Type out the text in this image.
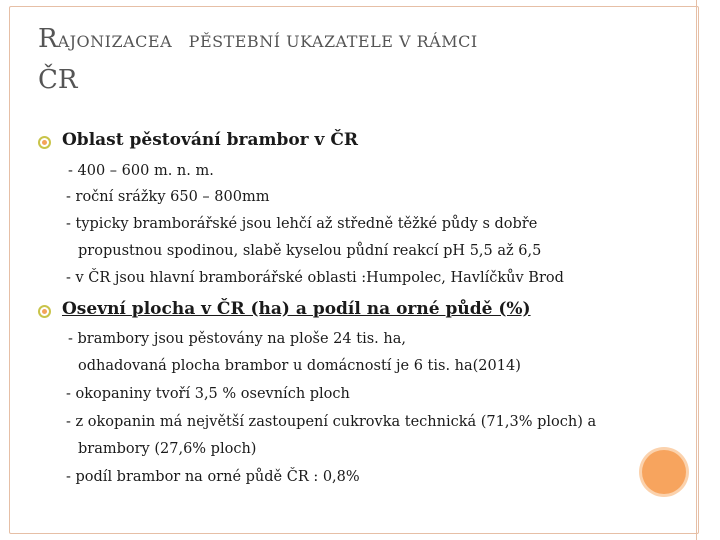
RAJONIZACEA PĚSTEBNÍ UKAZATELE V RÁMCI
ČR
Oblast pěstování brambor v ČR
- 400 – 600 m. n. m.
- roční srážky 650 – 800mm
- typicky bramborářské jsou lehčí až středně těžké půdy s dobře
propustnou spodinou, slabě kyselou půdní reakcí pH 5,5 až 6,5
- v ČR jsou hlavní bramborářské oblasti :Humpolec, Havlíčkův Brod
Osevní plocha v ČR (ha) a podíl na orné půdě (%)
- brambory jsou pěstovány na ploše 24 tis. ha,
odhadovaná plocha brambor u domácností je 6 tis. ha(2014)
- okopaniny tvoří 3,5 % osevních ploch
- z okopanin má největší zastoupení cukrovka technická (71,3% ploch) a
brambory (27,6% ploch)
- podíl brambor na orné půdě ČR : 0,8%
